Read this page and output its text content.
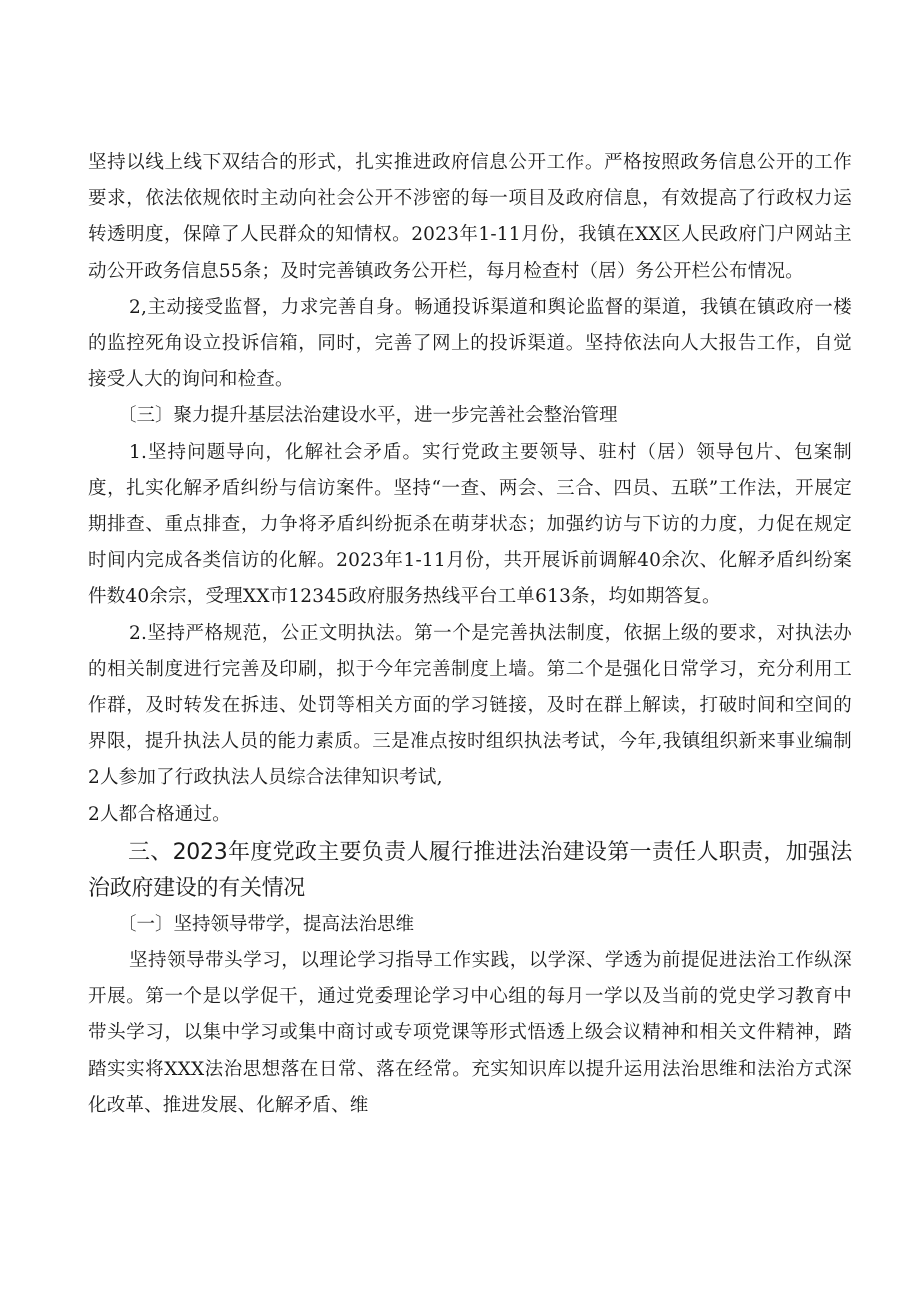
坚持以线上线下双结合的形式，扎实推进政府信息公开工作。严格按照政务信息公开的工作要求，依法依规依时主动向社会公开不涉密的每一项目及政府信息，有效提高了行政权力运转透明度，保障了人民群众的知情权。2023年1-11月份，我镇在XX区人民政府门户网站主动公开政务信息55条；及时完善镇政务公开栏，每月检查村（居）务公开栏公布情况。

2,主动接受监督，力求完善自身。畅通投诉渠道和舆论监督的渠道，我镇在镇政府一楼的监控死角设立投诉信箱，同时，完善了网上的投诉渠道。坚持依法向人大报告工作，自觉接受人大的询问和检查。

〔三〕聚力提升基层法治建设水平，进一步完善社会整治管理

1.坚持问题导向，化解社会矛盾。实行党政主要领导、驻村（居）领导包片、包案制度，扎实化解矛盾纠纷与信访案件。坚持“一查、两会、三合、四员、五联”工作法，开展定期排查、重点排查，力争将矛盾纠纷扼杀在萌芽状态；加强约访与下访的力度，力促在规定时间内完成各类信访的化解。2023年1-11月份，共开展诉前调解40余次、化解矛盾纠纷案件数40余宗，受理XX市12345政府服务热线平台工单613条，均如期答复。

2.坚持严格规范，公正文明执法。第一个是完善执法制度，依据上级的要求，对执法办的相关制度进行完善及印刷，拟于今年完善制度上墙。第二个是强化日常学习，充分利用工作群，及时转发在拆违、处罚等相关方面的学习链接，及时在群上解读，打破时间和空间的界限，提升执法人员的能力素质。三是准点按时组织执法考试，今年,我镇组织新来事业编制2人参加了行政执法人员综合法律知识考试,

2人都合格通过。

三、2023年度党政主要负责人履行推进法治建设第一责任人职责，加强法治政府建设的有关情况

〔一〕坚持领导带学，提高法治思维

坚持领导带头学习，以理论学习指导工作实践，以学深、学透为前提促进法治工作纵深开展。第一个是以学促干，通过党委理论学习中心组的每月一学以及当前的党史学习教育中带头学习，以集中学习或集中商讨或专项党课等形式悟透上级会议精神和相关文件精神，踏踏实实将XXX法治思想落在日常、落在经常。充实知识库以提升运用法治思维和法治方式深化改革、推进发展、化解矛盾、维
